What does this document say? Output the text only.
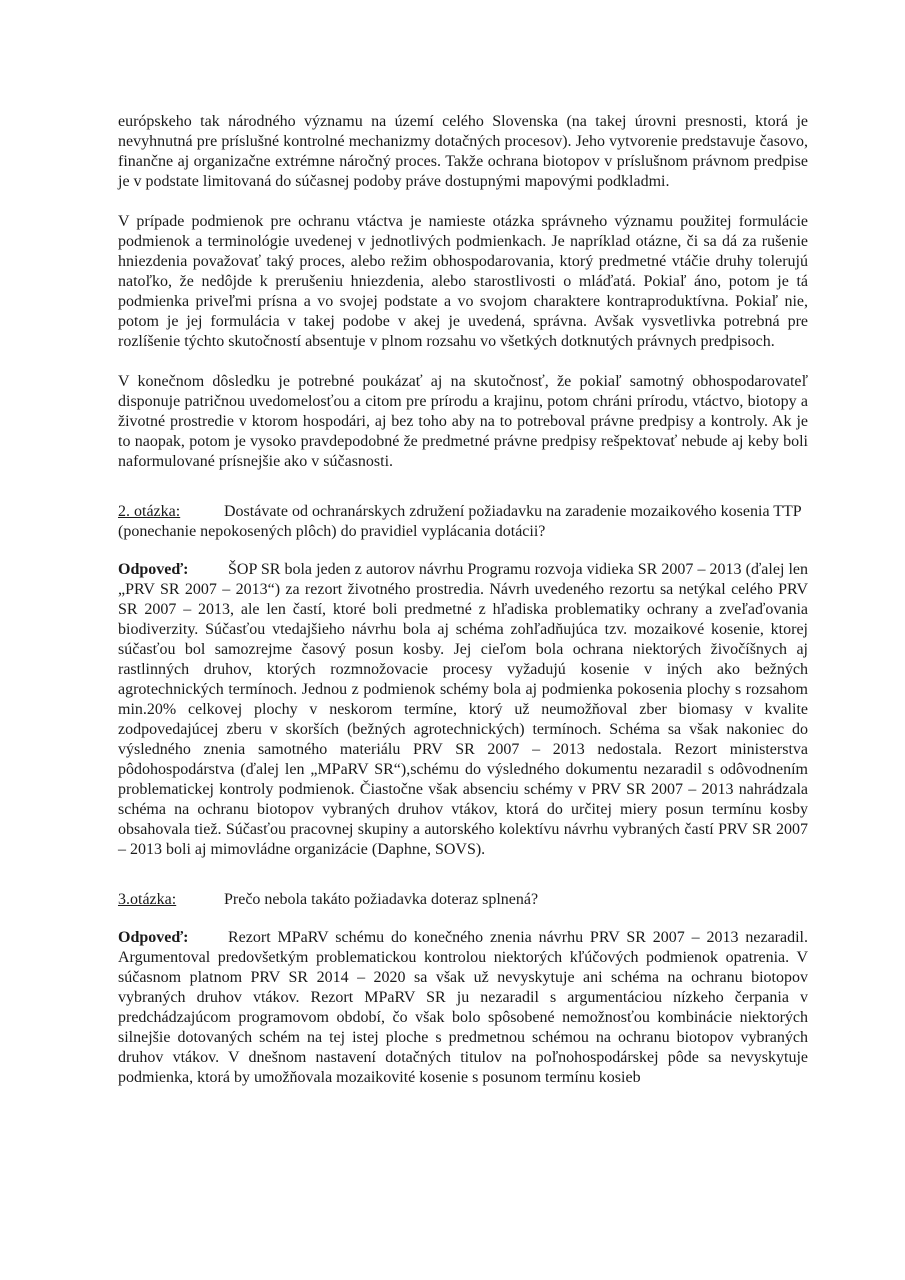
európskeho tak národného významu na území celého Slovenska (na takej úrovni presnosti, ktorá je nevyhnutná pre príslušné kontrolné mechanizmy dotačných procesov). Jeho vytvorenie predstavuje časovo, finančne aj organizačne extrémne náročný proces. Takže ochrana biotopov v príslušnom právnom predpise je v podstate limitovaná do súčasnej podoby práve dostupnými mapovými podkladmi.

V prípade podmienok pre ochranu vtáctva je namieste otázka správneho významu použitej formulácie podmienok a terminológie uvedenej v jednotlivých podmienkach. Je napríklad otázne, či sa dá za rušenie hniezdenia považovať taký proces, alebo režim obhospodarovania, ktorý predmetné vtáčie druhy tolerujú natoľko, že nedôjde k prerušeniu hniezdenia, alebo starostlivosti o mláďatá. Pokiaľ áno, potom je tá podmienka priveľmi prísna a vo svojej podstate a vo svojom charaktere kontraproduktívna. Pokiaľ nie, potom je jej formulácia v takej podobe v akej je uvedená, správna. Avšak vysvetlivka potrebná pre rozlíšenie týchto skutočností absentuje v plnom rozsahu vo všetkých dotknutých právnych predpisoch.

V konečnom dôsledku je potrebné poukázať aj na skutočnosť, že pokiaľ samotný obhospodarovateľ disponuje patričnou uvedomelosťou a citom pre prírodu a krajinu, potom chráni prírodu, vtáctvo, biotopy a životné prostredie v ktorom hospodári, aj bez toho aby na to potreboval právne predpisy a kontroly. Ak je to naopak, potom je vysoko pravdepodobné že predmetné právne predpisy rešpektovať nebude aj keby boli naformulované prísnejšie ako v súčasnosti.

2. otázka:	Dostávate od ochranárskych združení požiadavku na zaradenie mozaikového kosenia TTP (ponechanie nepokosených plôch) do pravidiel vyplácania dotácii?

Odpoveď: ŠOP SR bola jeden z autorov návrhu Programu rozvoja vidieka SR 2007 – 2013 (ďalej len „PRV SR 2007 – 2013“) za rezort životného prostredia. Návrh uvedeného rezortu sa netýkal celého PRV SR 2007 – 2013, ale len častí, ktoré boli predmetné z hľadiska problematiky ochrany a zveľaďovania biodiverzity. Súčasťou vtedajšieho návrhu bola aj schéma zohľadňujúca tzv. mozaikové kosenie, ktorej súčasťou bol samozrejme časový posun kosby. Jej cieľom bola ochrana niektorých živočíšnych aj rastlinných druhov, ktorých rozmnožovacie procesy vyžadujú kosenie v iných ako bežných agrotechnických termínoch. Jednou z podmienok schémy bola aj podmienka pokosenia plochy s rozsahom min.20% celkovej plochy v neskorom termíne, ktorý už neumožňoval zber biomasy v kvalite zodpovedajúcej zberu v skorších (bežných agrotechnických) termínoch. Schéma sa však nakoniec do výsledného znenia samotného materiálu PRV SR 2007 – 2013 nedostala. Rezort ministerstva pôdohospodárstva (ďalej len „MPaRV SR“),schému do výsledného dokumentu nezaradil s odôvodnením problematickej kontroly podmienok. Čiastočne však absenciu schémy v PRV SR 2007 – 2013 nahrádzala schéma na ochranu biotopov vybraných druhov vtákov, ktorá do určitej miery posun termínu kosby obsahovala tiež. Súčasťou pracovnej skupiny a autorského kolektívu návrhu vybraných častí PRV SR 2007 – 2013 boli aj mimovládne organizácie (Daphne, SOVS).

3.otázka:	Prečo nebola takáto požiadavka doteraz splnená?

Odpoveď: Rezort MPaRV schému do konečného znenia návrhu PRV SR 2007 – 2013 nezaradil. Argumentoval predovšetkým problematickou kontrolou niektorých kľúčových podmienok opatrenia. V súčasnom platnom PRV SR 2014 – 2020 sa však už nevyskytuje ani schéma na ochranu biotopov vybraných druhov vtákov. Rezort MPaRV SR ju nezaradil s argumentáciou nízkeho čerpania v predchádzajúcom programovom období, čo však bolo spôsobené nemožnosťou kombinácie niektorých silnejšie dotovaných schém na tej istej ploche s predmetnou schémou na ochranu biotopov vybraných druhov vtákov. V dnešnom nastavení dotačných titulov na poľnohospodárskej pôde sa nevyskytuje podmienka, ktorá by umožňovala mozaikovité kosenie s posunom termínu kosieb
